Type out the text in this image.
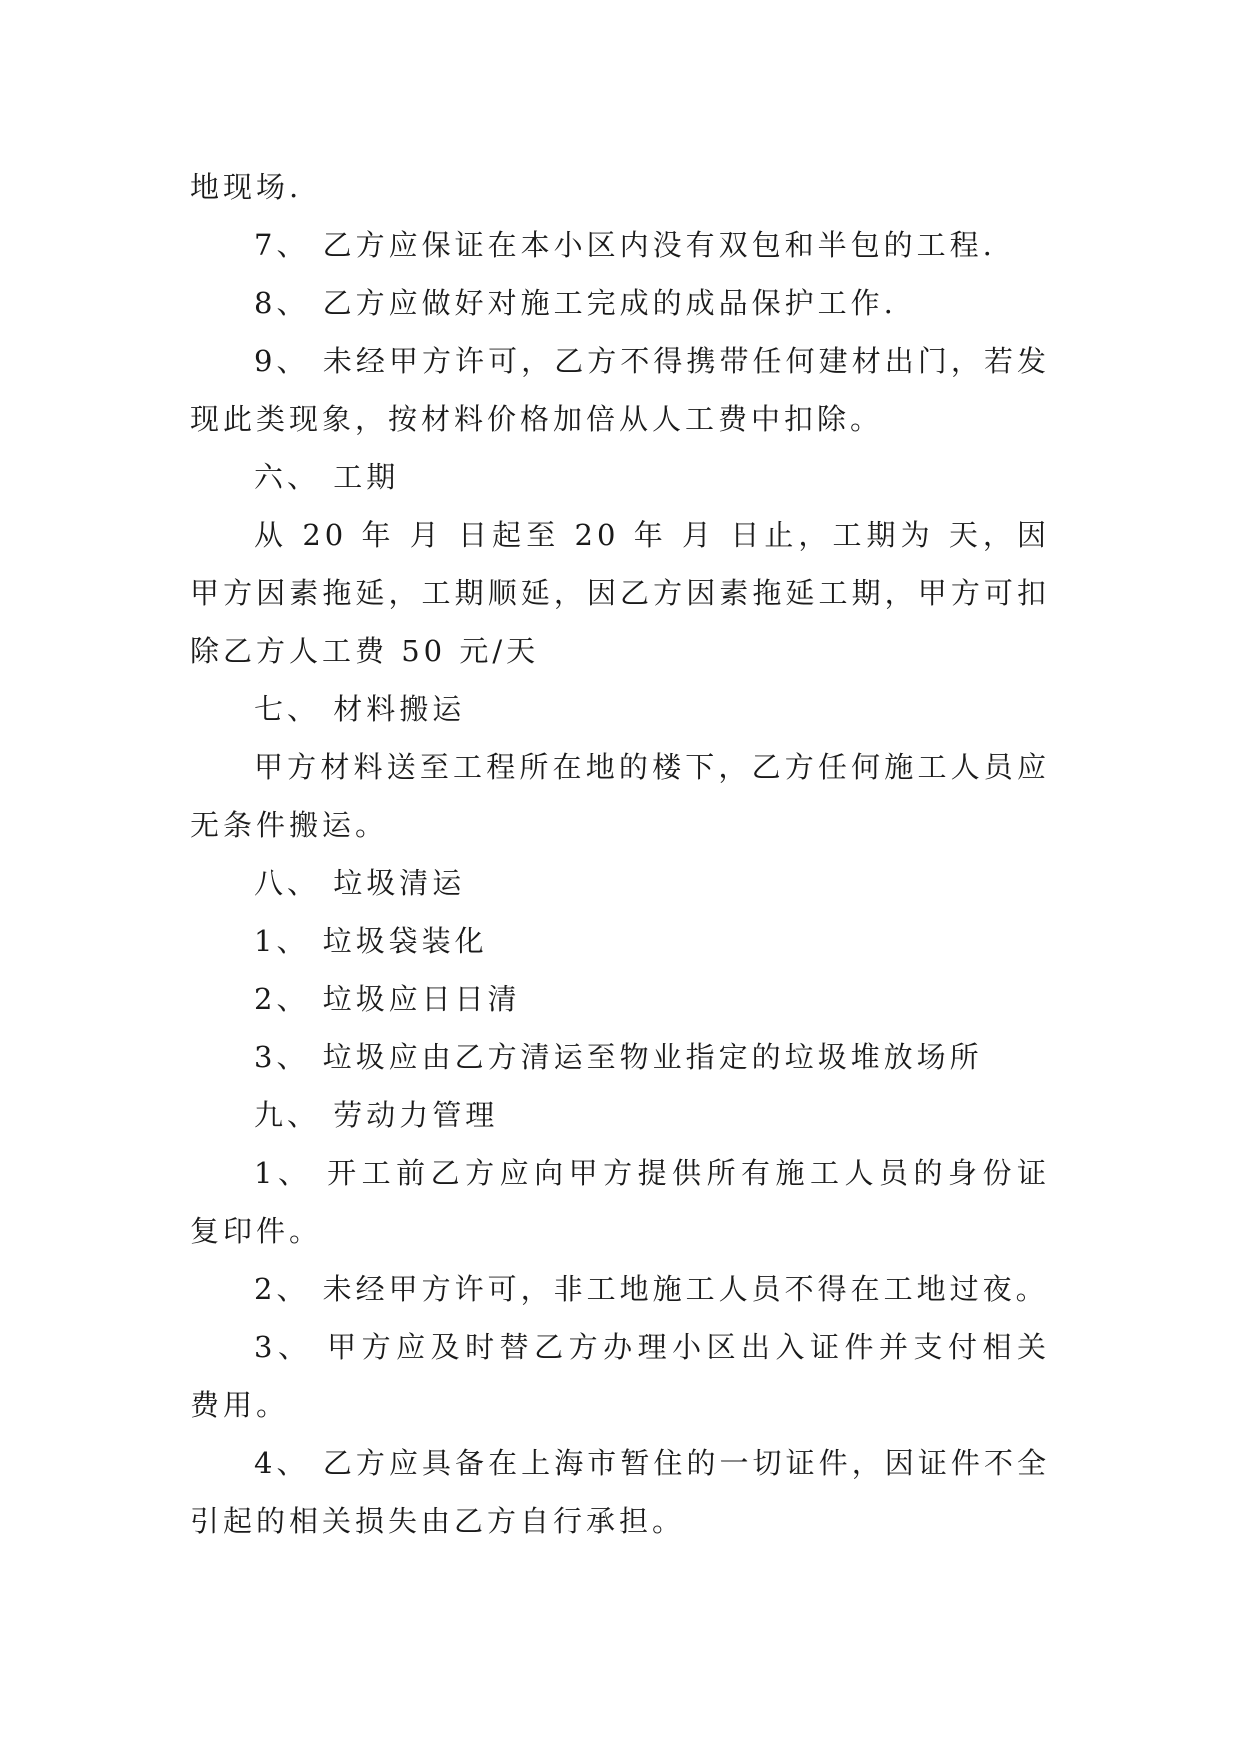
地现场.
7、 乙方应保证在本小区内没有双包和半包的工程.
8、 乙方应做好对施工完成的成品保护工作.
9、 未经甲方许可，乙方不得携带任何建材出门，若发
现此类现象，按材料价格加倍从人工费中扣除。
六、 工期
从 20 年 月 日起至 20 年 月 日止，工期为 天，因
甲方因素拖延，工期顺延，因乙方因素拖延工期，甲方可扣
除乙方人工费 50 元/天
七、 材料搬运
甲方材料送至工程所在地的楼下，乙方任何施工人员应
无条件搬运。
八、 垃圾清运
1、 垃圾袋装化
2、 垃圾应日日清
3、 垃圾应由乙方清运至物业指定的垃圾堆放场所
九、 劳动力管理
1、 开工前乙方应向甲方提供所有施工人员的身份证
复印件。
2、 未经甲方许可，非工地施工人员不得在工地过夜。
3、 甲方应及时替乙方办理小区出入证件并支付相关
费用。
4、 乙方应具备在上海市暂住的一切证件，因证件不全
引起的相关损失由乙方自行承担。
